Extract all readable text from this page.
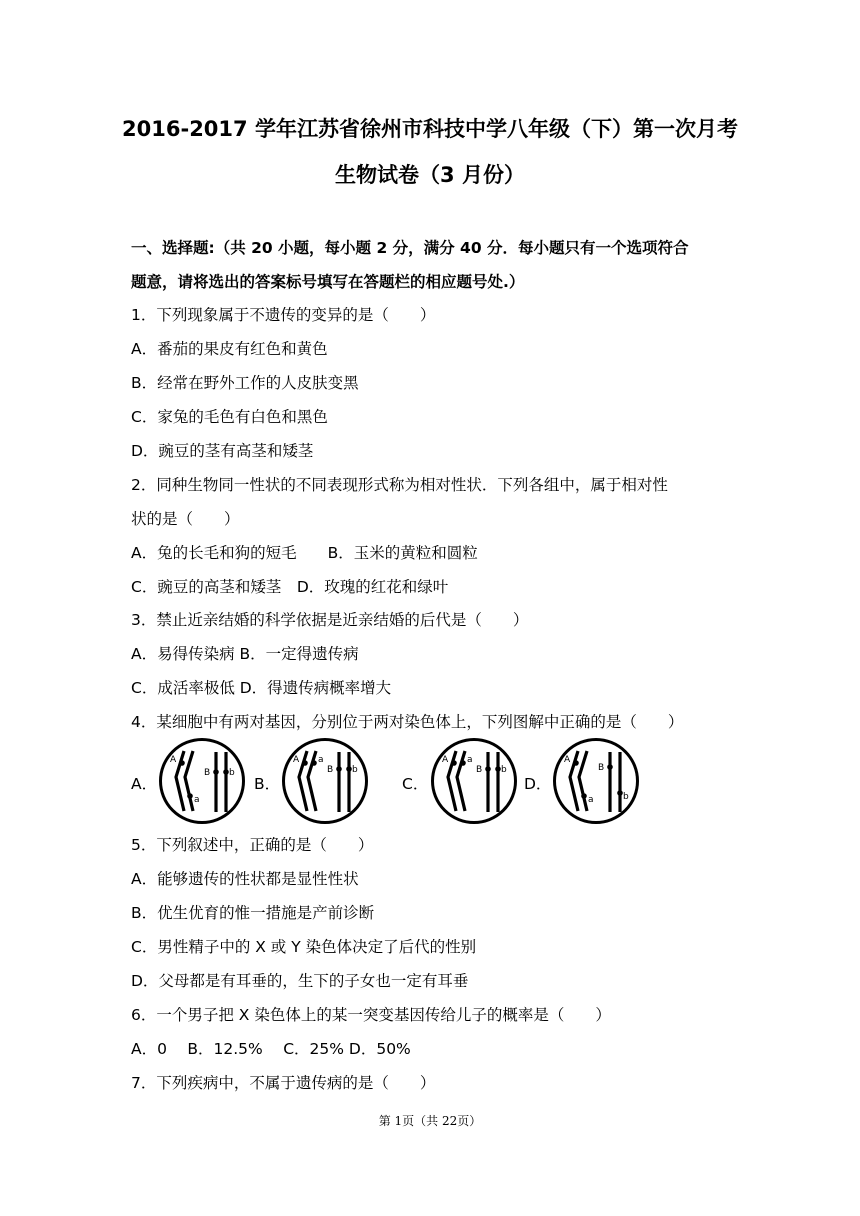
2016-2017 学年江苏省徐州市科技中学八年级（下）第一次月考
生物试卷（3 月份）
一、选择题:（共 20 小题，每小题 2 分，满分 40 分．每小题只有一个选项符合
题意，请将选出的答案标号填写在答题栏的相应题号处.）
1．下列现象属于不遗传的变异的是（　　）
A．番茄的果皮有红色和黄色
B．经常在野外工作的人皮肤变黑
C．家兔的毛色有白色和黑色
D．豌豆的茎有高茎和矮茎
2．同种生物同一性状的不同表现形式称为相对性状．下列各组中，属于相对性
状的是（　　）
A．兔的长毛和狗的短毛　　B．玉米的黄粒和圆粒
C．豌豆的高茎和矮茎　D．玫瑰的红花和绿叶
3．禁止近亲结婚的科学依据是近亲结婚的后代是（　　）
A．易得传染病 B．一定得遗传病
C．成活率极低 D．得遗传病概率增大
4．某细胞中有两对基因，分别位于两对染色体上，下列图解中正确的是（　　）
A．	B．	C．	D．
A
a
B b
A a
B b
A a
B b
A
a
B
b
5．下列叙述中，正确的是（　　）
A．能够遗传的性状都是显性性状
B．优生优育的惟一措施是产前诊断
C．男性精子中的 X 或 Y 染色体决定了后代的性别
D．父母都是有耳垂的，生下的子女也一定有耳垂
6．一个男子把 X 染色体上的某一突变基因传给儿子的概率是（　　）
A．0　 B．12.5%　 C．25% D．50%
7．下列疾病中，不属于遗传病的是（　　）
第 1页（共 22页）
